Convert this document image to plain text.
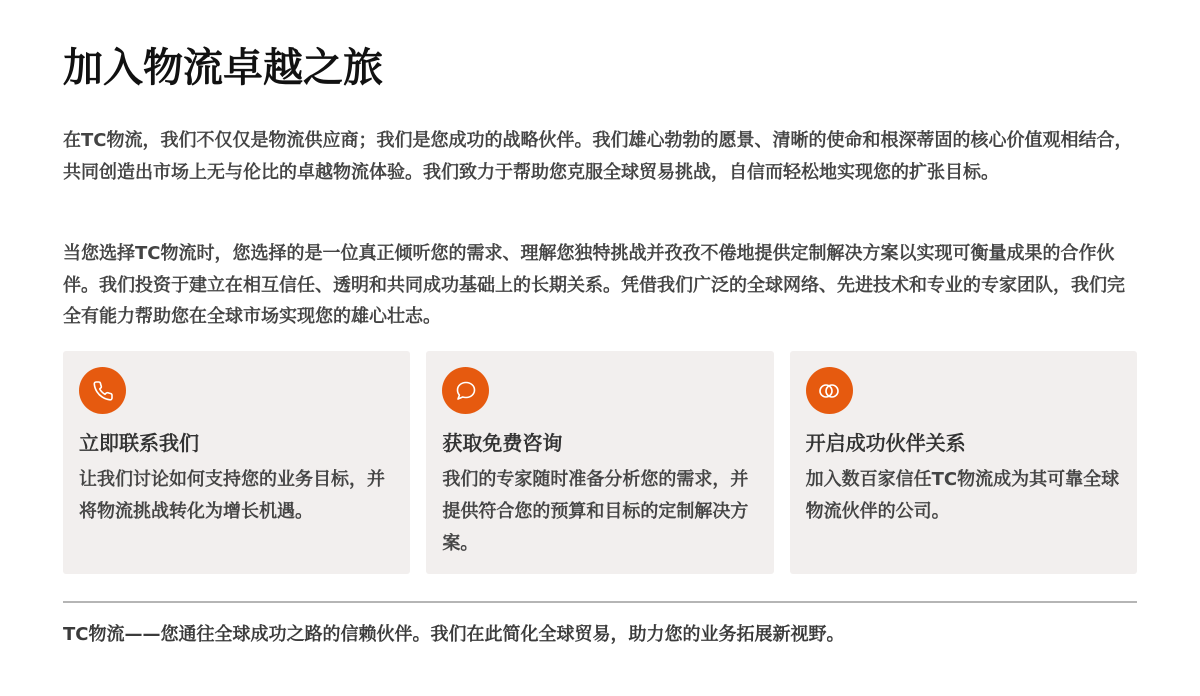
加入物流卓越之旅

在TC物流，我们不仅仅是物流供应商；我们是您成功的战略伙伴。我们雄心勃勃的愿景、清晰的使命和根深蒂固的核心价值观相结合，共同创造出市场上无与伦比的卓越物流体验。我们致力于帮助您克服全球贸易挑战，自信而轻松地实现您的扩张目标。

当您选择TC物流时，您选择的是一位真正倾听您的需求、理解您独特挑战并孜孜不倦地提供定制解决方案以实现可衡量成果的合作伙伴。我们投资于建立在相互信任、透明和共同成功基础上的长期关系。凭借我们广泛的全球网络、先进技术和专业的专家团队，我们完全有能力帮助您在全球市场实现您的雄心壮志。

立即联系我们

让我们讨论如何支持您的业务目标，并将物流挑战转化为增长机遇。

获取免费咨询

我们的专家随时准备分析您的需求，并提供符合您的预算和目标的定制解决方案。

开启成功伙伴关系

加入数百家信任TC物流成为其可靠全球物流伙伴的公司。

TC物流——您通往全球成功之路的信赖伙伴。我们在此简化全球贸易，助力您的业务拓展新视野。
